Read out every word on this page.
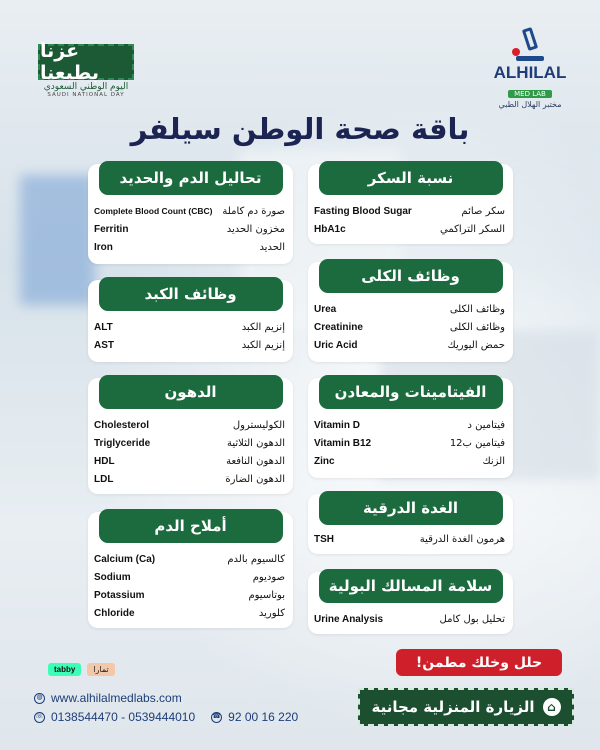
عزنا بطبعنا
اليوم الوطني السعودي
SAUDI NATIONAL DAY
ALHILAL
MED LAB
مختبر الهلال الطبي
باقة صحة الوطن سيلفر
تحاليل الدم والحديد
Complete Blood Count (CBC) صورة دم كاملة
Ferritin	مخزون الحديد
Iron	الحديد
نسبة السكر
Fasting Blood Sugar	سكر صائم
HbA1c	السكر التراكمي
وظائف الكبد
ALT	إنزيم الكبد
AST	إنزيم الكبد
وظائف الكلى
Urea	وظائف الكلى
Creatinine	وظائف الكلى
Uric Acid	حمض اليوريك
الدهون
Cholesterol	الكوليسترول
Triglyceride	الدهون الثلاثية
HDL	الدهون النافعة
LDL	الدهون الضارة
الفيتامينات والمعادن
Vitamin D	فيتامين د
Vitamin B12	فيتامين ب12
Zinc	الزنك
الغدة الدرقية
TSH	هرمون الغدة الدرقية
أملاح الدم
Calcium (Ca)	كالسيوم بالدم
Sodium	صوديوم
Potassium	بوتاسيوم
Chloride	كلوريد
سلامة المسالك البولية
Urine Analysis	تحليل بول كامل
حلل وخلك مطمن!
⌂
الزيارة المنزلية مجانية
tabby	تمارا
◍ www.alhilalmedlabs.com
☏ 0138544470 - 0539444010 ☎ 92 00 16 220
